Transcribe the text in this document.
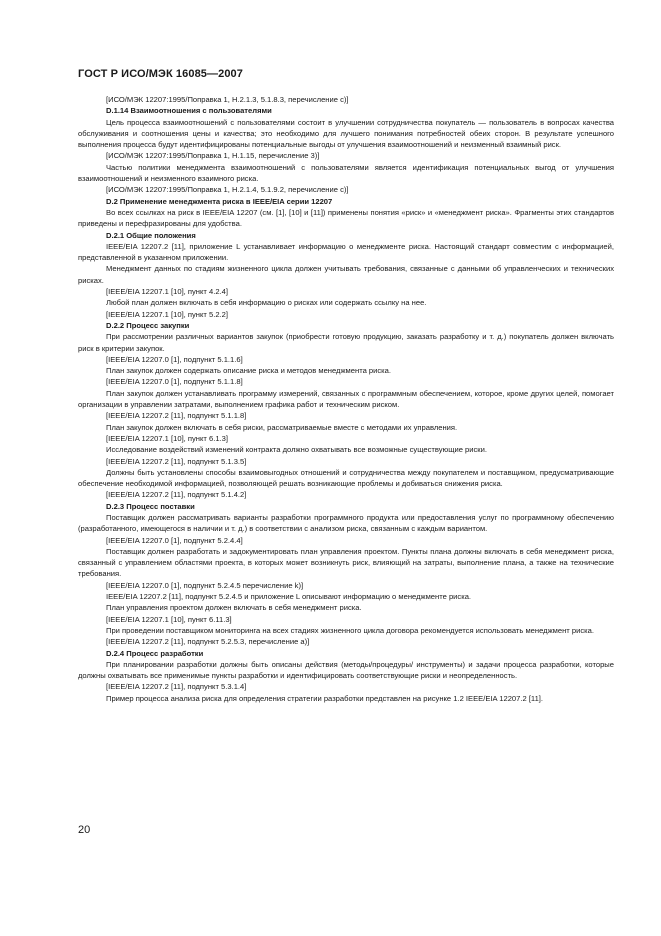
ГОСТ Р ИСО/МЭК 16085—2007

[ИСО/МЭК 12207:1995/Поправка 1, Н.2.1.3, 5.1.8.3, перечисление с)]

D.1.14 Взаимоотношения с пользователями

Цель процесса взаимоотношений с пользователями состоит в улучшении сотрудничества покупатель — пользователь в вопросах качества обслуживания и соотношения цены и качества; это необходимо для лучшего понимания потребностей обеих сторон. В результате успешного выполнения процесса будут идентифицированы потенциальные выгоды от улучшения взаимоотношений и неизменный взаимный риск.

[ИСО/МЭК 12207:1995/Поправка 1, Н.1.15, перечисление 3)]

Частью политики менеджмента взаимоотношений с пользователями является идентификация потенциальных выгод от улучшения взаимоотношений и неизменного взаимного риска.

[ИСО/МЭК 12207:1995/Поправка 1, Н.2.1.4, 5.1.9.2, перечисление с)]

D.2 Применение менеджмента риска в IEEE/EIA серии 12207

Во всех ссылках на риск в IEEE/EIA 12207 (см. [1], [10] и [11]) применены понятия «риск» и «менеджмент риска». Фрагменты этих стандартов приведены и перефразированы для удобства.

D.2.1 Общие положения

IEEE/EIA 12207.2 [11], приложение L устанавливает информацию о менеджменте риска. Настоящий стандарт совместим с информацией, представленной в указанном приложении.

Менеджмент данных по стадиям жизненного цикла должен учитывать требования, связанные с данными об управленческих и технических рисках.

[IEEE/EIA 12207.1 [10], пункт 4.2.4]

Любой план должен включать в себя информацию о рисках или содержать ссылку на нее.

[IEEE/EIA 12207.1 [10], пункт 5.2.2]

D.2.2 Процесс закупки

При рассмотрении различных вариантов закупок (приобрести готовую продукцию, заказать разработку и т. д.) покупатель должен включать риск в критерии закупок.

[IEEE/EIA 12207.0 [1], подпункт 5.1.1.6]

План закупок должен содержать описание риска и методов менеджмента риска.

[IEEE/EIA 12207.0 [1], подпункт 5.1.1.8]

План закупок должен устанавливать программу измерений, связанных с программным обеспечением, которое, кроме других целей, помогает организации в управлении затратами, выполнением графика работ и техническим риском.

[IEEE/EIA 12207.2 [11], подпункт 5.1.1.8]

План закупок должен включать в себя риски, рассматриваемые вместе с методами их управления.

[IEEE/EIA 12207.1 [10], пункт 6.1.3]

Исследование воздействий изменений контракта должно охватывать все возможные существующие риски.

[IEEE/EIA 12207.2 [11], подпункт 5.1.3.5]

Должны быть установлены способы взаимовыгодных отношений и сотрудничества между покупателем и поставщиком, предусматривающие обеспечение необходимой информацией, позволяющей решать возникающие проблемы и добиваться снижения риска.

[IEEE/EIA 12207.2 [11], подпункт 5.1.4.2]

D.2.3 Процесс поставки

Поставщик должен рассматривать варианты разработки программного продукта или предоставления услуг по программному обеспечению (разработанного, имеющегося в наличии и т. д.) в соответствии с анализом риска, связанным с каждым вариантом.

[IEEE/EIA 12207.0 [1], подпункт 5.2.4.4]

Поставщик должен разработать и задокументировать план управления проектом. Пункты плана должны включать в себя менеджмент риска, связанный с управлением областями проекта, в которых может возникнуть риск, влияющий на затраты, выполнение плана, а также на технические требования.

[IEEE/EIA 12207.0 [1], подпункт 5.2.4.5 перечисление k)]

IEEE/EIA 12207.2 [11], подпункт 5.2.4.5 и приложение L описывают информацию о менеджменте риска.

План управления проектом должен включать в себя менеджмент риска.

[IEEE/EIA 12207.1 [10], пункт 6.11.3]

При проведении поставщиком мониторинга на всех стадиях жизненного цикла договора рекомендуется использовать менеджмент риска.

[IEEE/EIA 12207.2 [11], подпункт 5.2.5.3, перечисление а)]

D.2.4 Процесс разработки

При планировании разработки должны быть описаны действия (методы/процедуры/ инструменты) и задачи процесса разработки, которые должны охватывать все применимые пункты разработки и идентифицировать соответствующие риски и неопределенность.

[IEEE/EIA 12207.2 [11], подпункт 5.3.1.4]

Пример процесса анализа риска для определения стратегии разработки представлен на рисунке 1.2 IEEE/EIA 12207.2 [11].

20
